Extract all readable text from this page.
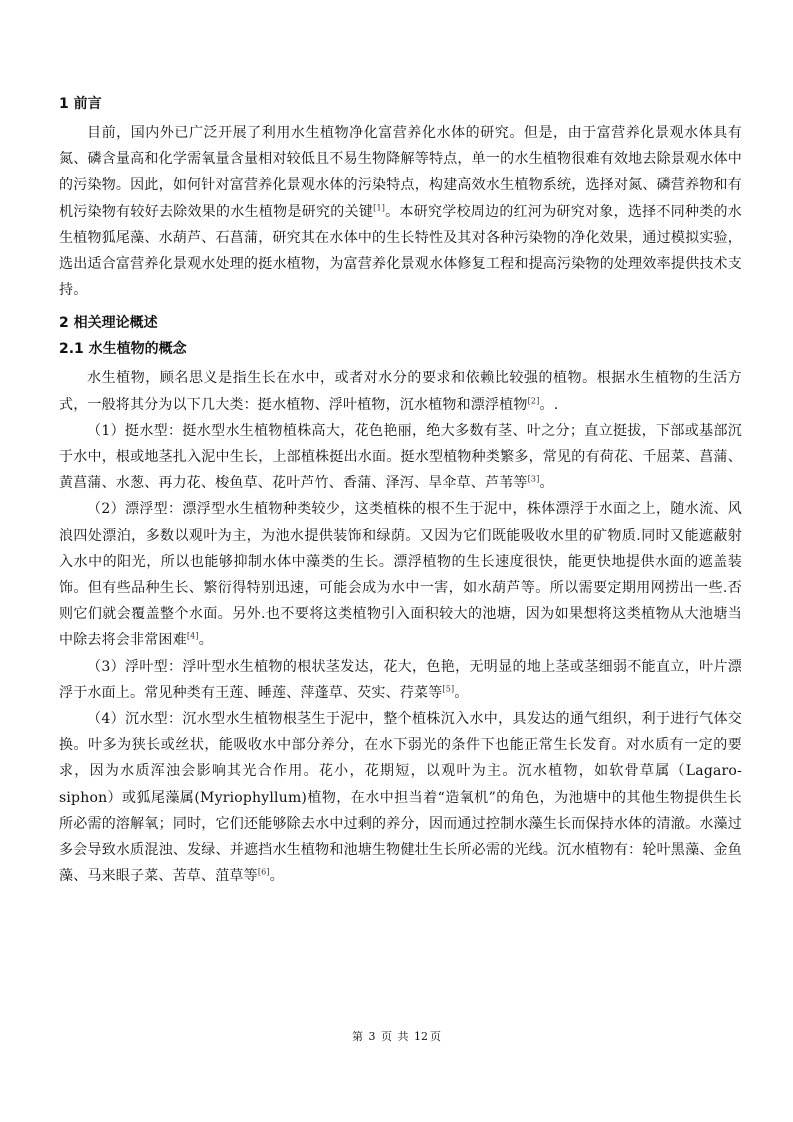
1 前言

目前，国内外已广泛开展了利用水生植物净化富营养化水体的研究。但是，由于富营养化景观水体具有氮、磷含量高和化学需氧量含量相对较低且不易生物降解等特点，单一的水生植物很难有效地去除景观水体中的污染物。因此，如何针对富营养化景观水体的污染特点，构建高效水生植物系统，选择对氮、磷营养物和有机污染物有较好去除效果的水生植物是研究的关键[1]。本研究学校周边的红河为研究对象，选择不同种类的水生植物狐尾藻、水葫芦、石菖蒲，研究其在水体中的生长特性及其对各种污染物的净化效果，通过模拟实验，选出适合富营养化景观水处理的挺水植物，为富营养化景观水体修复工程和提高污染物的处理效率提供技术支持。

2 相关理论概述
2.1 水生植物的概念

水生植物，顾名思义是指生长在水中，或者对水分的要求和依赖比较强的植物。根据水生植物的生活方式，一般将其分为以下几大类：挺水植物、浮叶植物，沉水植物和漂浮植物[2]。.

（1）挺水型：挺水型水生植物植株高大，花色艳丽，绝大多数有茎、叶之分；直立挺拔，下部或基部沉于水中，根或地茎扎入泥中生长，上部植株挺出水面。挺水型植物种类繁多，常见的有荷花、千屈菜、菖蒲、黄菖蒲、水葱、再力花、梭鱼草、花叶芦竹、香蒲、泽泻、旱伞草、芦苇等[3]。

（2）漂浮型：漂浮型水生植物种类较少，这类植株的根不生于泥中，株体漂浮于水面之上，随水流、风浪四处漂泊，多数以观叶为主，为池水提供装饰和绿荫。又因为它们既能吸收水里的矿物质.同时又能遮蔽射入水中的阳光，所以也能够抑制水体中藻类的生长。漂浮植物的生长速度很快，能更快地提供水面的遮盖装饰。但有些品种生长、繁衍得特别迅速，可能会成为水中一害，如水葫芦等。所以需要定期用网捞出一些.否则它们就会覆盖整个水面。另外.也不要将这类植物引入面积较大的池塘，因为如果想将这类植物从大池塘当中除去将会非常困难[4]。

（3）浮叶型：浮叶型水生植物的根状茎发达，花大，色艳，无明显的地上茎或茎细弱不能直立，叶片漂浮于水面上。常见种类有王莲、睡莲、萍蓬草、芡实、荇菜等[5]。

（4）沉水型：沉水型水生植物根茎生于泥中，整个植株沉入水中，具发达的通气组织，利于进行气体交换。叶多为狭长或丝状，能吸收水中部分养分，在水下弱光的条件下也能正常生长发育。对水质有一定的要求，因为水质浑浊会影响其光合作用。花小，花期短，以观叶为主。沉水植物，如软骨草属（Lagaro-siphon）或狐尾藻属(Myriophyllum)植物，在水中担当着“造氧机”的角色，为池塘中的其他生物提供生长所必需的溶解氧；同时，它们还能够除去水中过剩的养分，因而通过控制水藻生长而保持水体的清澈。水藻过多会导致水质混浊、发绿、并遮挡水生植物和池塘生物健壮生长所必需的光线。沉水植物有：轮叶黑藻、金鱼藻、马来眼子菜、苦草、菹草等[6]。

第 3 页 共 12 页
